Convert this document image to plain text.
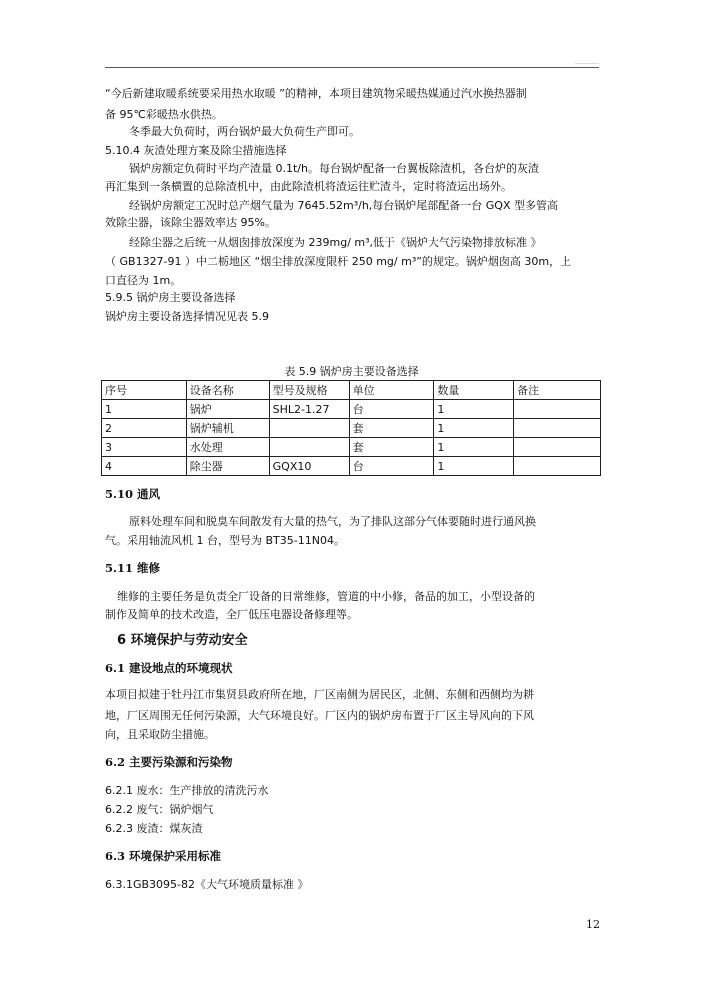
——————
“今后新建取暖系统要采用热水取暖 ”的精神，本项目建筑物采暖热媒通过汽水换热器制
备 95℃彩暖热水供热。
冬季最大负荷时，两台锅炉最大负荷生产即可。
5.10.4 灰渣处理方案及除尘措施选择
锅炉房额定负荷时平均产渣量 0.1t/h。每台锅炉配备一台翼板除渣机，各台炉的灰渣
再汇集到一条横置的总除渣机中，由此除渣机将渣运往贮渣斗，定时将渣运出场外。
经锅炉房额定工况时总产烟气量为 7645.52m³/h,每台锅炉尾部配备一台 GQX 型多管高
效除尘器，该除尘器效率达 95%。
经除尘器之后统一从烟囱排放深度为 239mg/ m³,低于《锅炉大气污染物排放标准 》
（ GB1327-91 ）中二栃地区 “烟尘排放深度限杆 250 mg/ m³”的规定。锅炉烟囱高 30m，上
口直径为 1m。
5.9.5 锅炉房主要设备选择
锅炉房主要设备选择情况见表 5.9
表 5.9 锅炉房主要设备选择
序号	设备名称	型号及规格	单位	数量	备注
1	锅炉	SHL2-1.27	台	1	
2	锅炉辅机		套	1	
3	水处理		套	1	
4	除尘器	GQX10	台	1	
5.10 通风
原料处理车间和脱臭车间散发有大量的热气，为了排队这部分气体要随时进行通风换
气。采用轴流风机 1 台，型号为 BT35-11N04。
5.11 维修
维修的主要任务是负责全厂设备的日常维修，管道的中小修，备品的加工，小型设备的
制作及简单的技术改造，全厂低压电器设备修理等。
6 环境保护与劳动安全
6.1 建设地点的环境现状
本项目拟建于牡丹江市集贤县政府所在地，厂区南侧为居民区，北侧、东侧和西侧均为耕
地，厂区周围无任何污染源，大气环境良好。厂区内的锅炉房布置于厂区主导风向的下风
向，且采取防尘措施。
6.2 主要污染源和污染物
6.2.1 废水：生产排放的清洗污水
6.2.2 废气：锅炉烟气
6.2.3 废渣：煤灰渣
6.3 环境保护采用标准
6.3.1GB3095-82《大气环境质量标准 》
12
